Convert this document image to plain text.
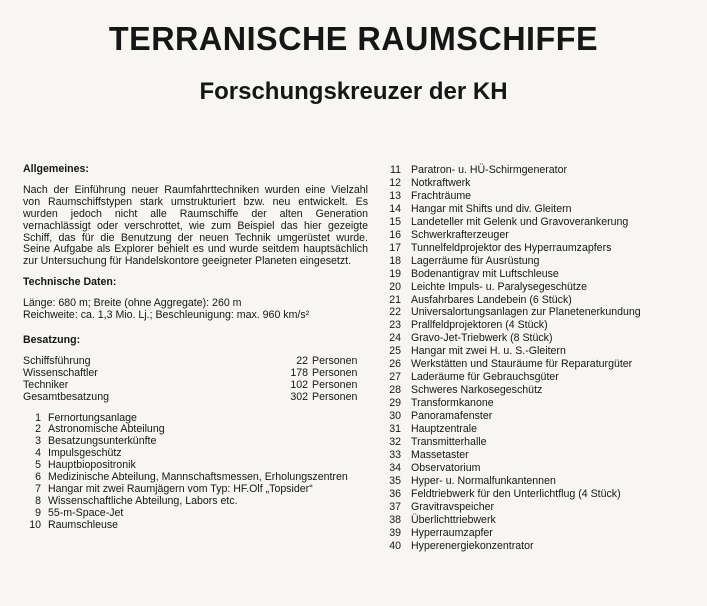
TERRANISCHE RAUMSCHIFFE
Forschungskreuzer der KH

Allgemeines:

Nach der Einführung neuer Raumfahrttechniken wurden eine Vielzahl von Raumschiffstypen stark umstrukturiert bzw. neu entwickelt. Es wurden jedoch nicht alle Raumschiffe der alten Generation vernachlässigt oder verschrottet, wie zum Beispiel das hier gezeigte Schiff, das für die Benutzung der neuen Technik umgerüstet wurde. Seine Aufgabe als Explorer behielt es und wurde seitdem hauptsächlich zur Untersuchung für Handelskontore geeigneter Planeten eingesetzt.

Technische Daten:

Länge: 680 m; Breite (ohne Aggregate): 260 m
Reichweite: ca. 1,3 Mio. Lj.; Beschleunigung: max. 960 km/s²

Besatzung:

Schiffsführung	22 Personen
Wissenschaftler	178 Personen
Techniker	102 Personen
Gesamtbesatzung	302 Personen
1 Fernortungsanlage
2 Astronomische Abteilung
3 Besatzungsunterkünfte
4 Impulsgeschütz
5 Hauptbiopositronik
6 Medizinische Abteilung, Mannschaftsmessen, Erholungszentren
7 Hangar mit zwei Raumjägern vom Typ: HF.Olf „Topsider“
8 Wissenschaftliche Abteilung, Labors etc.
9 55-m-Space-Jet
10 Raumschleuse
11 Paratron- u. HÜ-Schirmgenerator
12 Notkraftwerk
13 Frachträume
14 Hangar mit Shifts und div. Gleitern
15 Landeteller mit Gelenk und Gravoverankerung
16 Schwerkrafterzeuger
17 Tunnelfeldprojektor des Hyperraumzapfers
18 Lagerräume für Ausrüstung
19 Bodenantigrav mit Luftschleuse
20 Leichte Impuls- u. Paralysegeschütze
21 Ausfahrbares Landebein (6 Stück)
22 Universalortungsanlagen zur Planetenerkundung
23 Prallfeldprojektoren (4 Stück)
24 Gravo-Jet-Triebwerk (8 Stück)
25 Hangar mit zwei H. u. S.-Gleitern
26 Werkstätten und Stauräume für Reparaturgüter
27 Laderäume für Gebrauchsgüter
28 Schweres Narkosegeschütz
29 Transformkanone
30 Panoramafenster
31 Hauptzentrale
32 Transmitterhalle
33 Massetaster
34 Observatorium
35 Hyper- u. Normalfunkantennen
36 Feldtriebwerk für den Unterlichtflug (4 Stück)
37 Gravitravspeicher
38 Überlichttriebwerk
39 Hyperraumzapfer
40 Hyperenergiekonzentrator
